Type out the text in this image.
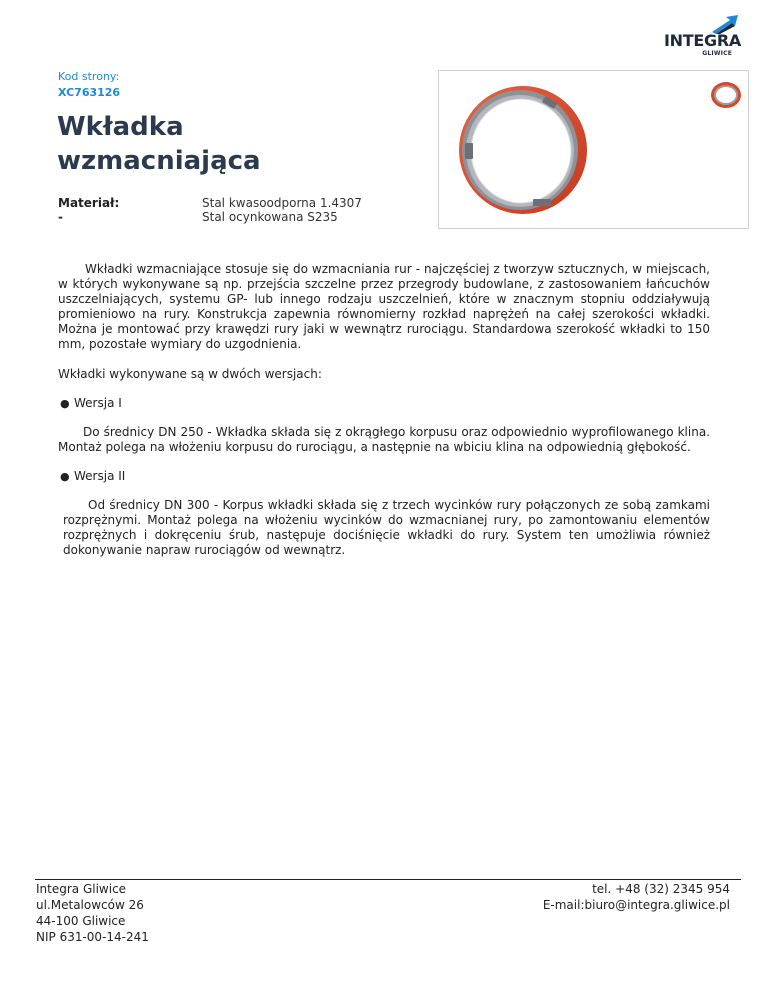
INTEGRA
GLIWICE
Kod strony:
XC763126
Wkładka
wzmacniająca
Materiał:
-
Stal kwasoodporna 1.4307
Stal ocynkowana S235

Wkładki wzmacniające stosuje się do wzmacniania rur - najczęściej z tworzyw sztucznych, w miejscach, w których wykonywane są np. przejścia szczelne przez przegrody budowlane, z zastosowaniem łańcuchów uszczelniających, systemu GP- lub innego rodzaju uszczelnień, które w znacznym stopniu oddziaływują promieniowo na rury. Konstrukcja zapewnia równomierny rozkład naprężeń na całej szerokości wkładki. Można je montować przy krawędzi rury jaki w wewnątrz rurociągu. Standardowa szerokość wkładki to 150 mm, pozostałe wymiary do uzgodnienia.

Wkładki wykonywane są w dwóch wersjach:

● Wersja I

Do średnicy DN 250 - Wkładka składa się z okrągłego korpusu oraz odpowiednio wyprofilowanego klina. Montaż polega na włożeniu korpusu do rurociągu, a następnie na wbiciu klina na odpowiednią głębokość.

● Wersja II

Od średnicy DN 300 - Korpus wkładki składa się z trzech wycinków rury połączonych ze sobą zamkami rozprężnymi. Montaż polega na włożeniu wycinków do wzmacnianej rury, po zamontowaniu elementów rozprężnych i dokręceniu śrub, następuje dociśnięcie wkładki do rury. System ten umożliwia również dokonywanie napraw rurociągów od wewnątrz.

Integra Gliwice
ul.Metalowców 26
44-100 Gliwice
NIP 631-00-14-241
tel. +48 (32) 2345 954
E-mail:biuro@integra.gliwice.pl
